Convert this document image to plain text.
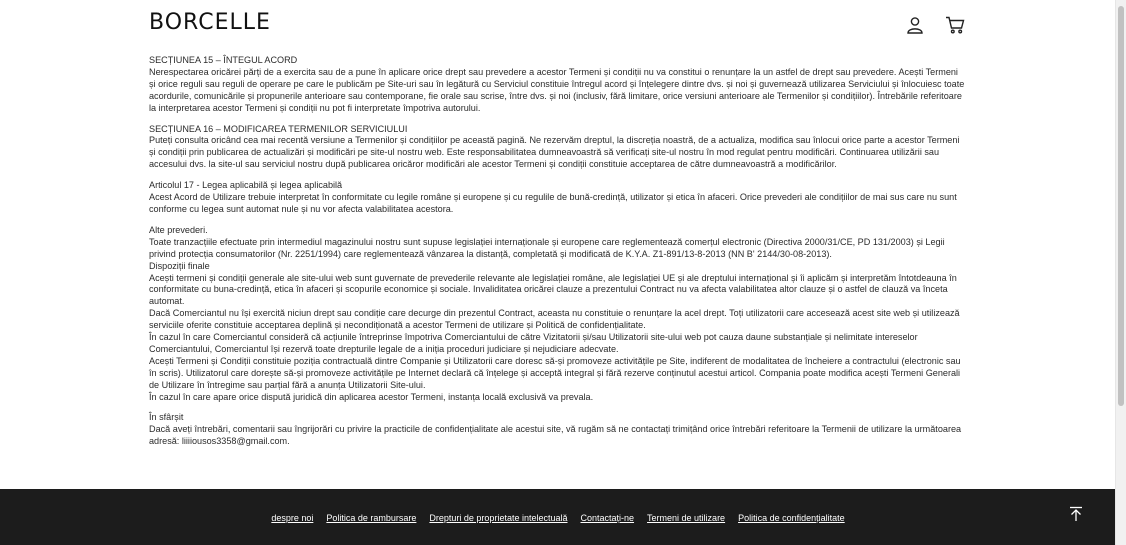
BORCELLE

SECȚIUNEA 15 – ÎNTEGUL ACORD

Nerespectarea oricărei părți de a exercita sau de a pune în aplicare orice drept sau prevedere a acestor Termeni și condiții nu va constitui o renunțare la un astfel de drept sau prevedere. Acești Termeni și orice reguli sau reguli de operare pe care le publicăm pe Site-uri sau în legătură cu Serviciul constituie întregul acord și înțelegere dintre dvs. și noi și guvernează utilizarea Serviciului și înlocuiesc toate acordurile, comunicările și propunerile anterioare sau contemporane, fie orale sau scrise, între dvs. și noi (inclusiv, fără limitare, orice versiuni anterioare ale Termenilor și condițiilor). Întrebările referitoare la interpretarea acestor Termeni și condiții nu pot fi interpretate împotriva autorului.

SECȚIUNEA 16 – MODIFICAREA TERMENILOR SERVICIULUI

Puteți consulta oricând cea mai recentă versiune a Termenilor și condițiilor pe această pagină. Ne rezervăm dreptul, la discreția noastră, de a actualiza, modifica sau înlocui orice parte a acestor Termeni și condiții prin publicarea de actualizări și modificări pe site-ul nostru web. Este responsabilitatea dumneavoastră să verificați site-ul nostru în mod regulat pentru modificări. Continuarea utilizării sau accesului dvs. la site-ul sau serviciul nostru după publicarea oricăror modificări ale acestor Termeni și condiții constituie acceptarea de către dumneavoastră a modificărilor.

Articolul 17 - Legea aplicabilă și legea aplicabilă

Acest Acord de Utilizare trebuie interpretat în conformitate cu legile române și europene și cu regulile de bună-credință, utilizator și etica în afaceri. Orice prevederi ale condițiilor de mai sus care nu sunt conforme cu legea sunt automat nule și nu vor afecta valabilitatea acestora.

Alte prevederi.

Toate tranzacțiile efectuate prin intermediul magazinului nostru sunt supuse legislației internaționale și europene care reglementează comerțul electronic (Directiva 2000/31/CE, PD 131/2003) și Legii privind protecția consumatorilor (Nr. 2251/1994) care reglementează vânzarea la distanță, completată și modificată de K.Y.A. Z1-891/13-8-2013 (NN B' 2144/30-08-2013).

Dispoziții finale

Acești termeni și condiții generale ale site-ului web sunt guvernate de prevederile relevante ale legislației române, ale legislației UE și ale dreptului internațional și îi aplicăm și interpretăm întotdeauna în conformitate cu buna-credință, etica în afaceri și scopurile economice și sociale. Invaliditatea oricărei clauze a prezentului Contract nu va afecta valabilitatea altor clauze și o astfel de clauză va înceta automat.

Dacă Comerciantul nu își exercită niciun drept sau condiție care decurge din prezentul Contract, aceasta nu constituie o renunțare la acel drept. Toți utilizatorii care accesează acest site web și utilizează serviciile oferite constituie acceptarea deplină și necondiționată a acestor Termeni de utilizare și Politică de confidențialitate.

În cazul în care Comerciantul consideră că acțiunile întreprinse împotriva Comerciantului de către Vizitatorii și/sau Utilizatorii site-ului web pot cauza daune substanțiale și nelimitate intereselor Comerciantului, Comerciantul își rezervă toate drepturile legale de a iniția proceduri judiciare și nejudiciare adecvate.

Acești Termeni și Condiții constituie poziția contractuală dintre Companie și Utilizatorii care doresc să-și promoveze activitățile pe Site, indiferent de modalitatea de încheiere a contractului (electronic sau în scris). Utilizatorul care dorește să-și promoveze activitățile pe Internet declară că înțelege și acceptă integral și fără rezerve conținutul acestui articol. Compania poate modifica acești Termeni Generali de Utilizare în întregime sau parțial fără a anunța Utilizatorii Site-ului.

În cazul în care apare orice dispută juridică din aplicarea acestor Termeni, instanța locală exclusivă va prevala.

În sfârșit

Dacă aveți întrebări, comentarii sau îngrijorări cu privire la practicile de confidențialitate ale acestui site, vă rugăm să ne contactați trimițând orice întrebări referitoare la Termenii de utilizare la următoarea adresă: liiiiousos3358@gmail.com.

despre noi Politica de rambursare Drepturi de proprietate intelectuală Contactați-ne Termeni de utilizare Politica de confidențialitate
